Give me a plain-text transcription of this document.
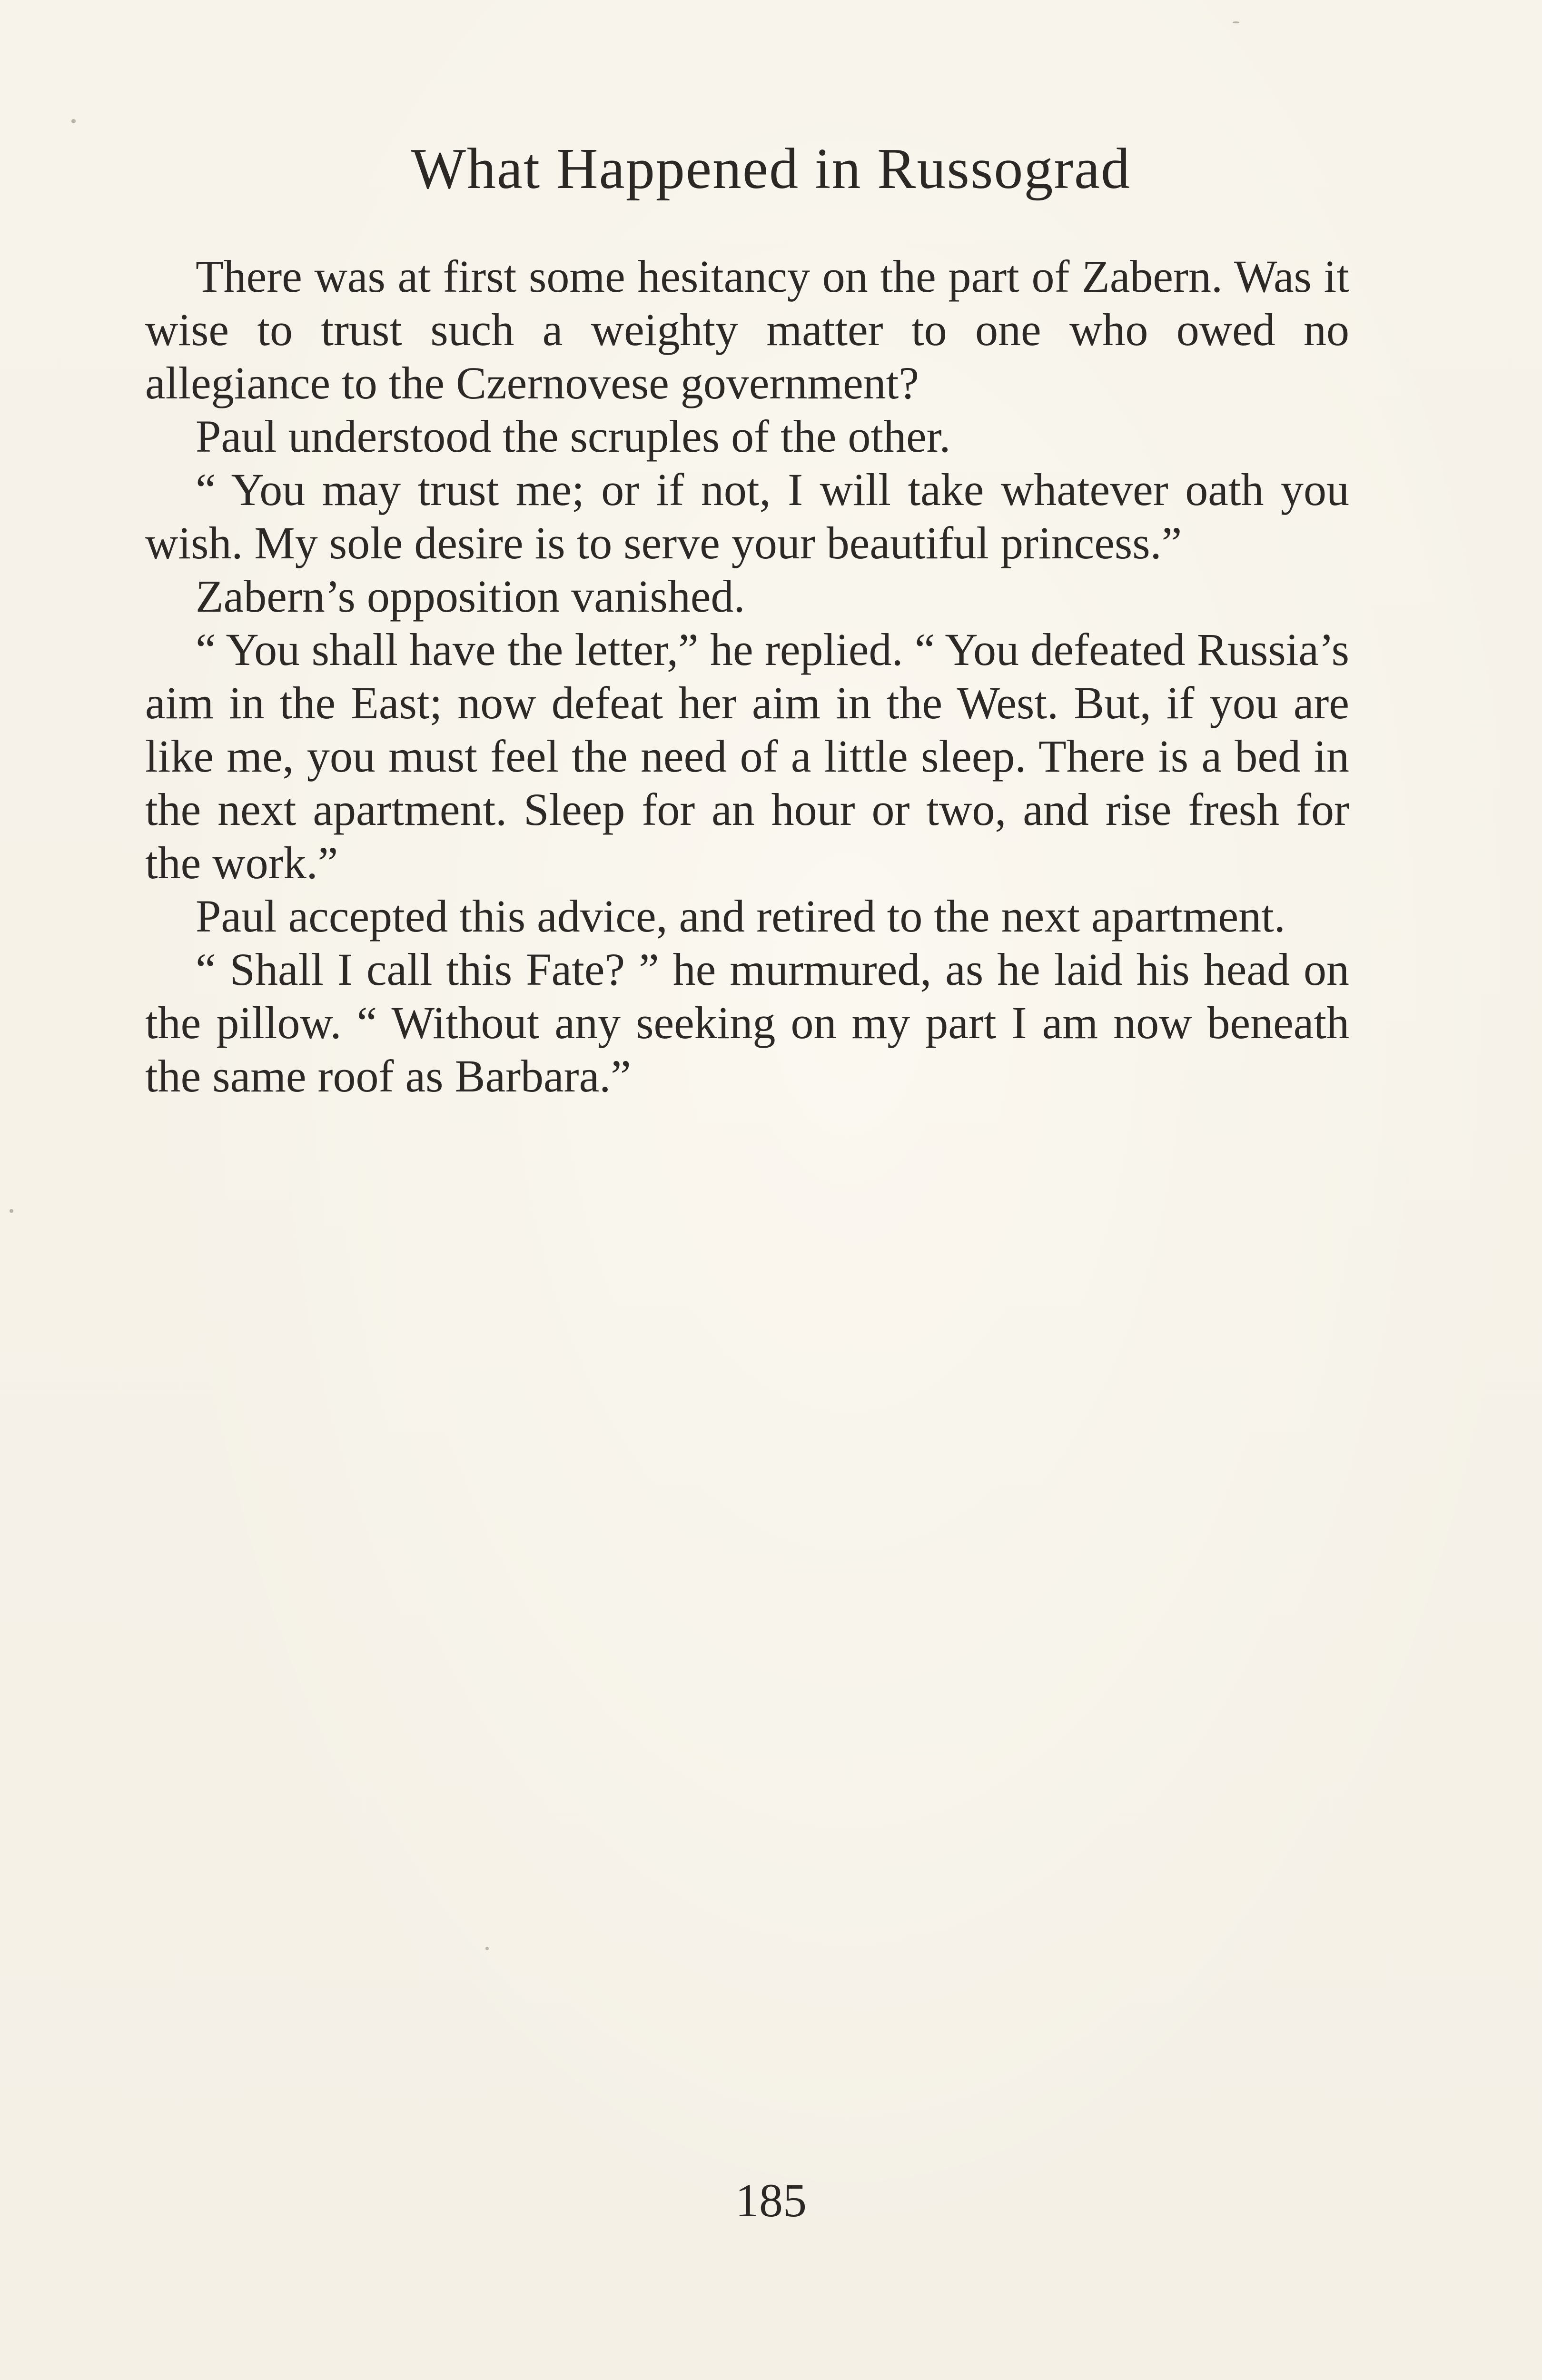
What Happened in Russograd

There was at first some hesitancy on the part of Zabern. Was it wise to trust such a weighty matter to one who owed no allegiance to the Czernovese government?

Paul understood the scruples of the other.

“ You may trust me; or if not, I will take whatever oath you wish. My sole desire is to serve your beautiful princess.”

Zabern’s opposition vanished.

“ You shall have the letter,” he replied. “ You defeated Russia’s aim in the East; now defeat her aim in the West. But, if you are like me, you must feel the need of a little sleep. There is a bed in the next apartment. Sleep for an hour or two, and rise fresh for the work.”

Paul accepted this advice, and retired to the next apartment.

“ Shall I call this Fate? ” he murmured, as he laid his head on the pillow. “ Without any seeking on my part I am now beneath the same roof as Barbara.”

185
